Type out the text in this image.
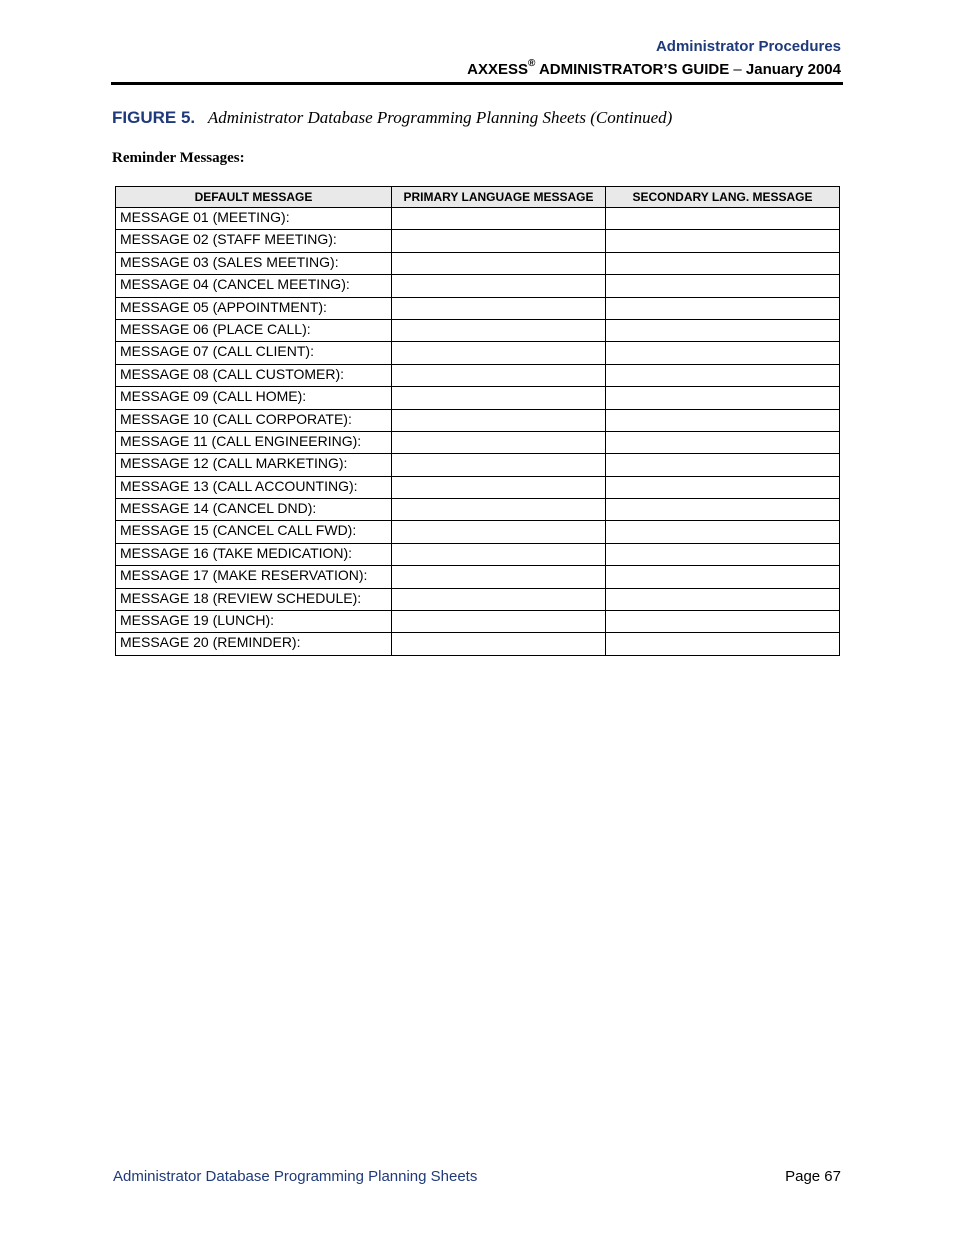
Administrator Procedures
AXXESS® ADMINISTRATOR’S GUIDE – January 2004
FIGURE 5. Administrator Database Programming Planning Sheets (Continued)
Reminder Messages:
DEFAULT MESSAGE	PRIMARY LANGUAGE MESSAGE	SECONDARY LANG. MESSAGE
MESSAGE 01 (MEETING):		
MESSAGE 02 (STAFF MEETING):		
MESSAGE 03 (SALES MEETING):		
MESSAGE 04 (CANCEL MEETING):		
MESSAGE 05 (APPOINTMENT):		
MESSAGE 06 (PLACE CALL):		
MESSAGE 07 (CALL CLIENT):		
MESSAGE 08 (CALL CUSTOMER):		
MESSAGE 09 (CALL HOME):		
MESSAGE 10 (CALL CORPORATE):		
MESSAGE 11 (CALL ENGINEERING):		
MESSAGE 12 (CALL MARKETING):		
MESSAGE 13 (CALL ACCOUNTING):		
MESSAGE 14 (CANCEL DND):		
MESSAGE 15 (CANCEL CALL FWD):		
MESSAGE 16 (TAKE MEDICATION):		
MESSAGE 17 (MAKE RESERVATION):		
MESSAGE 18 (REVIEW SCHEDULE):		
MESSAGE 19 (LUNCH):		
MESSAGE 20 (REMINDER):		
Administrator Database Programming Planning Sheets	Page 67
